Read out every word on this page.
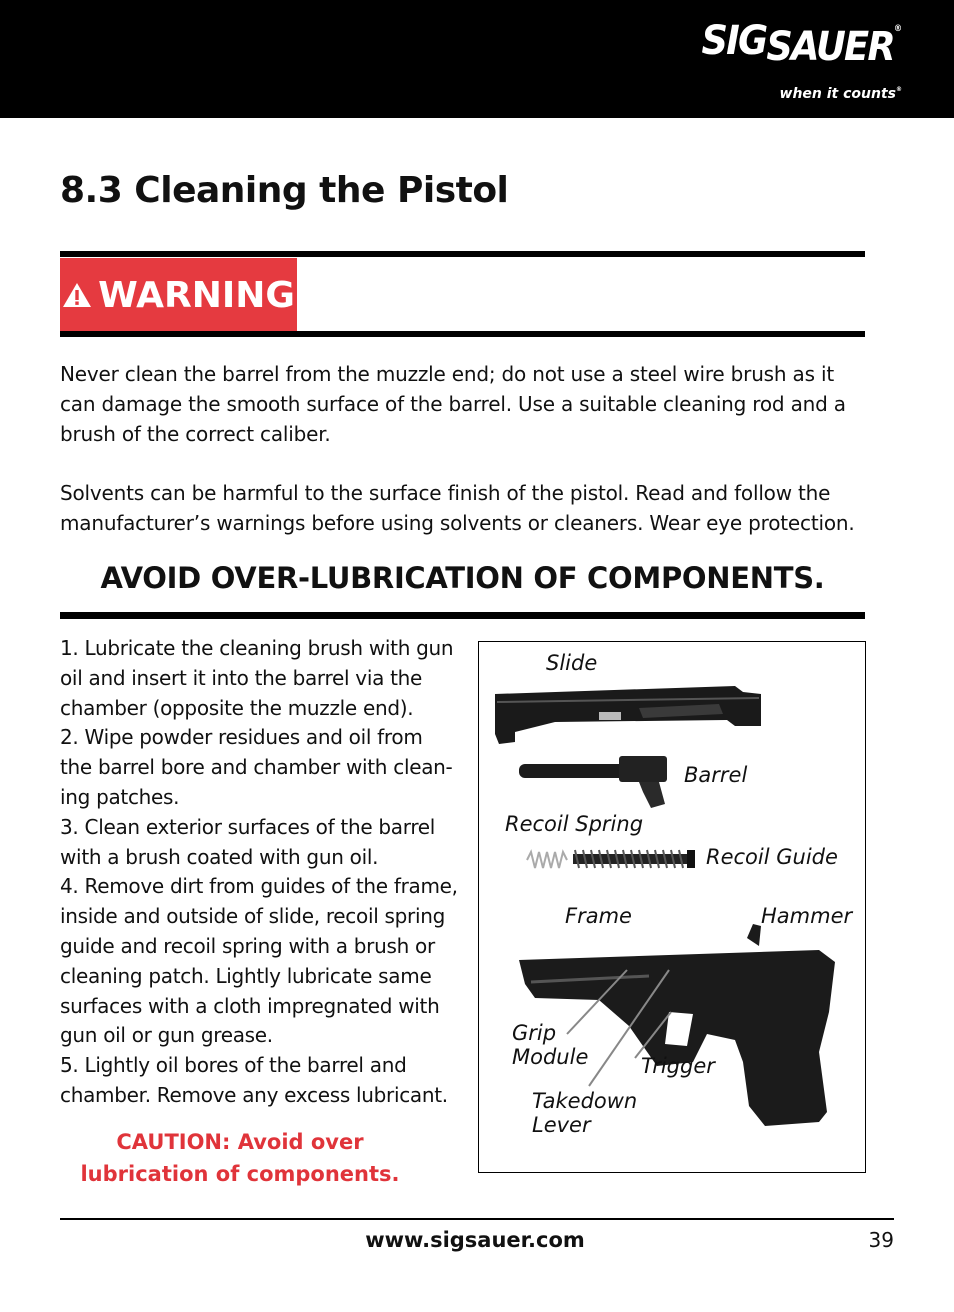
SIGSAUER®
when it counts®
8.3 Cleaning the Pistol
WARNING

Never clean the barrel from the muzzle end; do not use a steel wire brush as it can damage the smooth surface of the barrel. Use a suitable cleaning rod and a brush of the correct caliber.

Solvents can be harmful to the surface finish of the pistol. Read and follow the manufacturer’s warnings before using solvents or cleaners. Wear eye protection.

AVOID OVER-LUBRICATION OF COMPONENTS.

1. Lubricate the cleaning brush with gun oil and insert it into the barrel via the chamber (opposite the muzzle end).

2. Wipe powder residues and oil from the barrel bore and chamber with clean-ing patches.

3. Clean exterior surfaces of the barrel with a brush coated with gun oil.

4. Remove dirt from guides of the frame, inside and outside of slide, recoil spring guide and recoil spring with a brush or cleaning patch. Lightly lubricate same surfaces with a cloth impregnated with gun oil or gun grease.

5. Lightly oil bores of the barrel and chamber. Remove any excess lubricant.

CAUTION: Avoid over
lubrication of components.
Slide
Barrel
Recoil Spring
Recoil Guide
Frame	Hammer
Grip
Module	Trigger
Takedown
Lever
www.sigsauer.com	39
